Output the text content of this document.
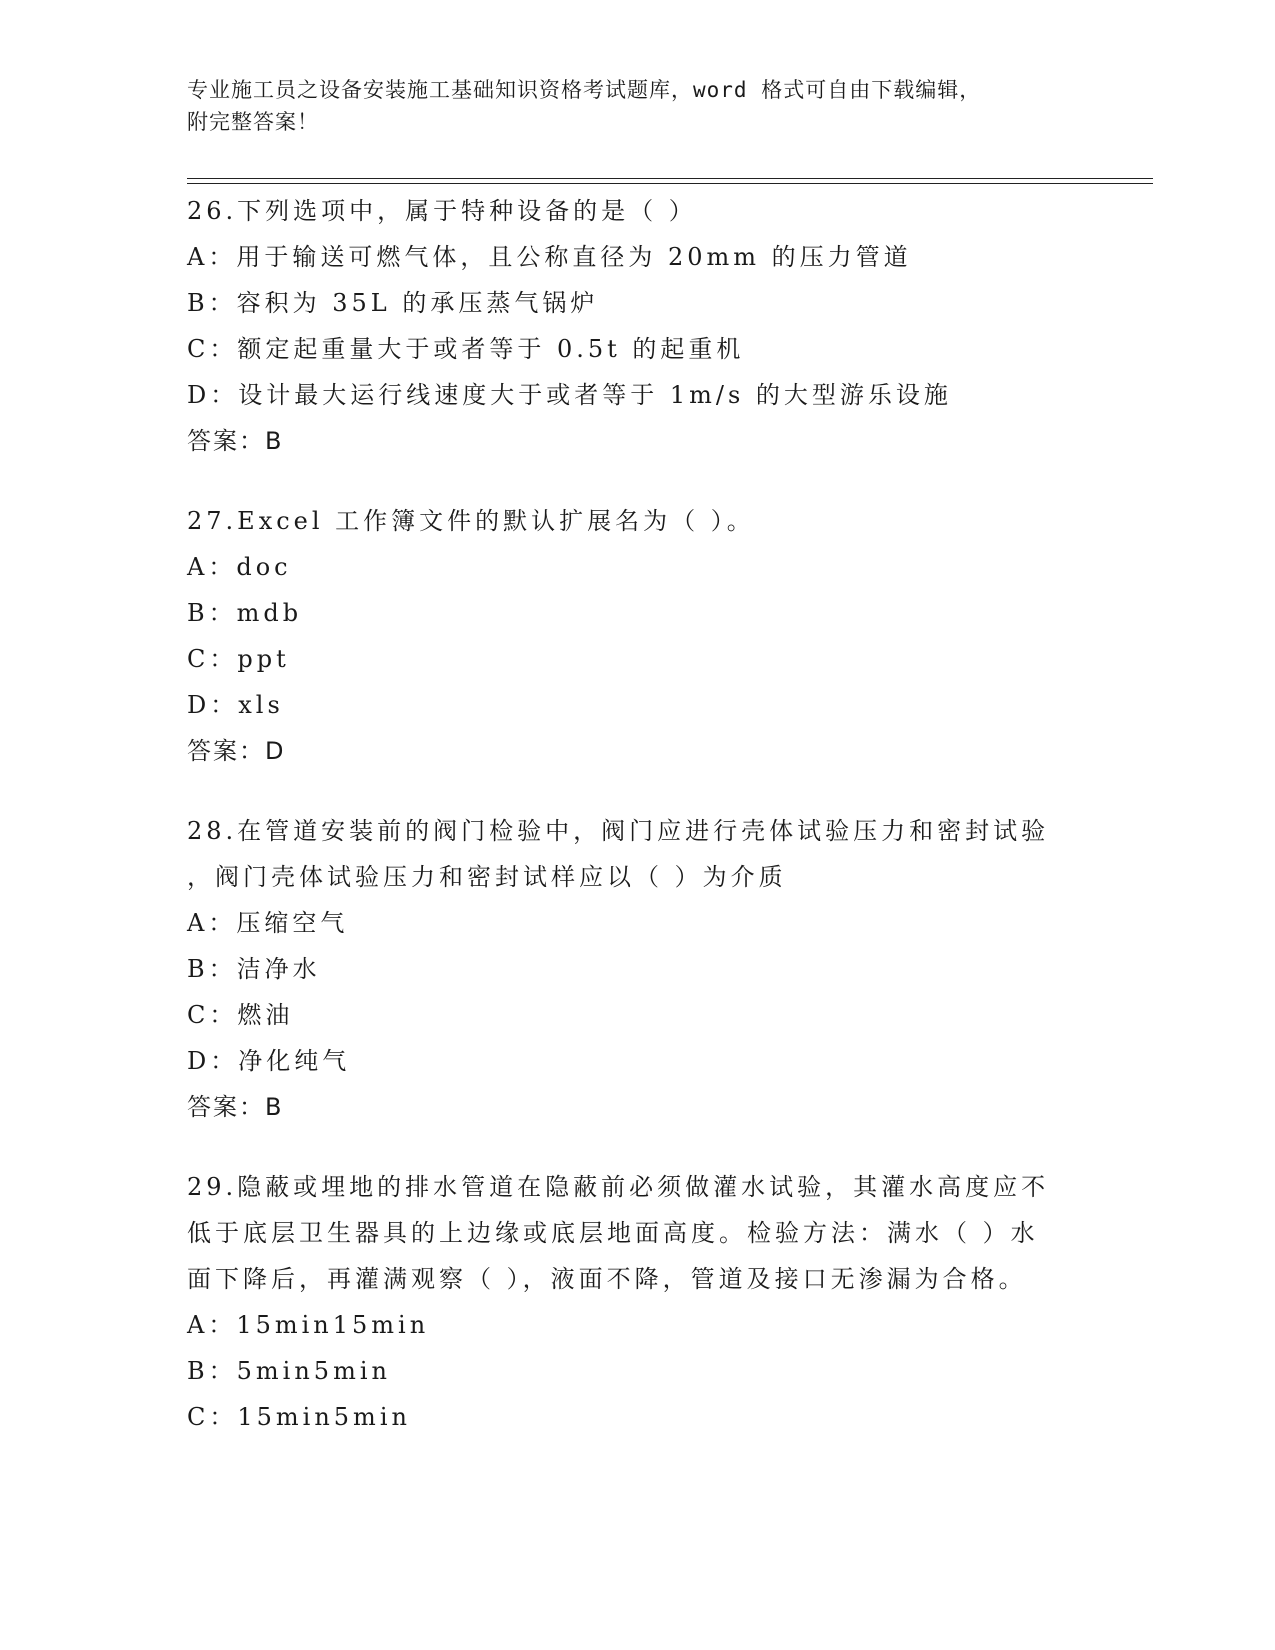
专业施工员之设备安装施工基础知识资格考试题库，word 格式可自由下载编辑，

附完整答案！

26.下列选项中，属于特种设备的是（ ）

A：用于输送可燃气体，且公称直径为 20mm 的压力管道

B：容积为 35L 的承压蒸气锅炉

C：额定起重量大于或者等于 0.5t 的起重机

D：设计最大运行线速度大于或者等于 1m/s 的大型游乐设施

答案：B

27.Excel 工作簿文件的默认扩展名为（ ）。

A：doc

B：mdb

C：ppt

D：xls

答案：D

28.在管道安装前的阀门检验中，阀门应进行壳体试验压力和密封试验

，阀门壳体试验压力和密封试样应以（ ）为介质

A：压缩空气

B：洁净水

C：燃油

D：净化纯气

答案：B

29.隐蔽或埋地的排水管道在隐蔽前必须做灌水试验，其灌水高度应不

低于底层卫生器具的上边缘或底层地面高度。检验方法：满水（ ）水

面下降后，再灌满观察（ ），液面不降，管道及接口无渗漏为合格。

A：15min15min

B：5min5min

C：15min5min
